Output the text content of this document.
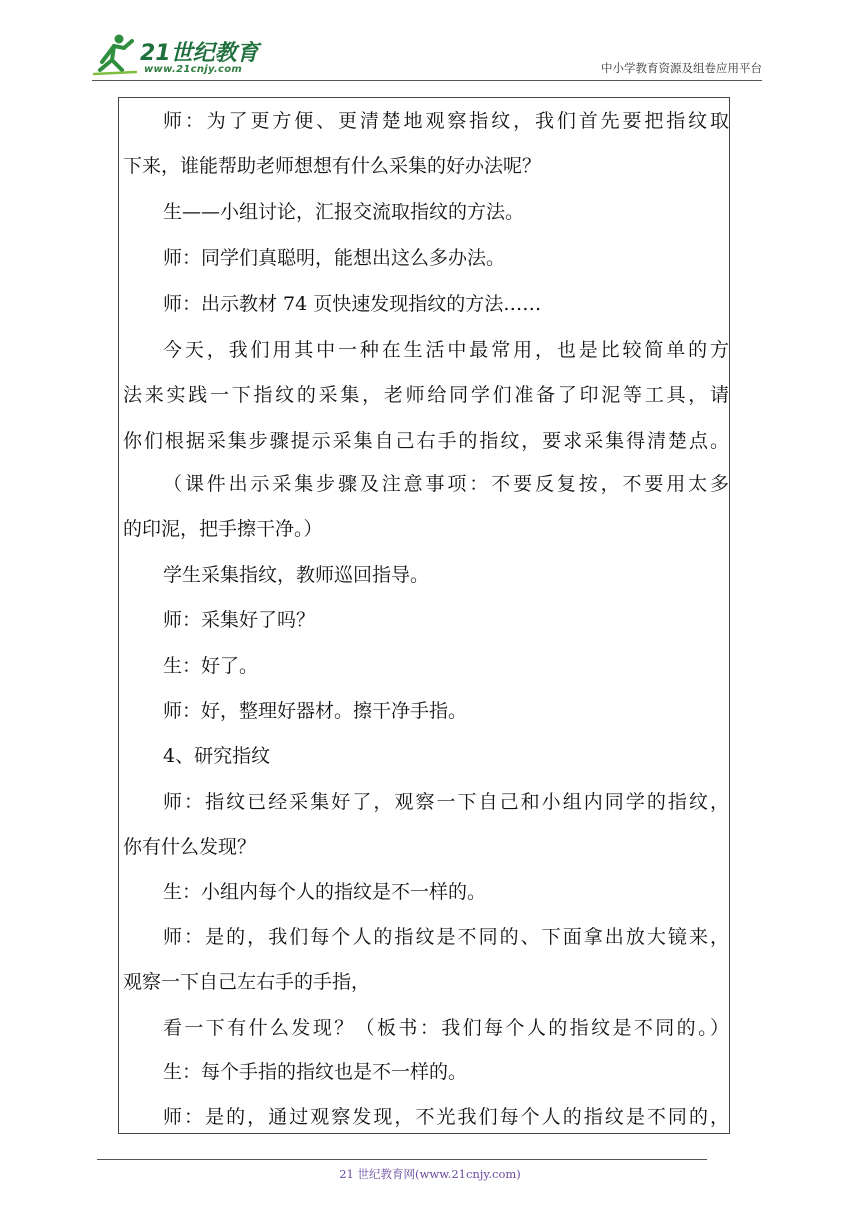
21世纪教育
www.21cnjy.com	中小学教育资源及组卷应用平台
师：为了更方便、更清楚地观察指纹，我们首先要把指纹取
下来，谁能帮助老师想想有什么采集的好办法呢？
生——小组讨论，汇报交流取指纹的方法。
师：同学们真聪明，能想出这么多办法。
师：出示教材 74 页快速发现指纹的方法……
今天，我们用其中一种在生活中最常用，也是比较简单的方
法来实践一下指纹的采集，老师给同学们准备了印泥等工具，请
你们根据采集步骤提示采集自己右手的指纹，要求采集得清楚点。
（课件出示采集步骤及注意事项：不要反复按，不要用太多
的印泥，把手擦干净。）
学生采集指纹，教师巡回指导。
师：采集好了吗？
生：好了。
师：好，整理好器材。擦干净手指。
4、研究指纹
师：指纹已经采集好了，观察一下自己和小组内同学的指纹，
你有什么发现？
生：小组内每个人的指纹是不一样的。
师：是的，我们每个人的指纹是不同的、下面拿出放大镜来，
观察一下自己左右手的手指，
看一下有什么发现？（板书：我们每个人的指纹是不同的。）
生：每个手指的指纹也是不一样的。
师：是的，通过观察发现，不光我们每个人的指纹是不同的，
21 世纪教育网(www.21cnjy.com)
